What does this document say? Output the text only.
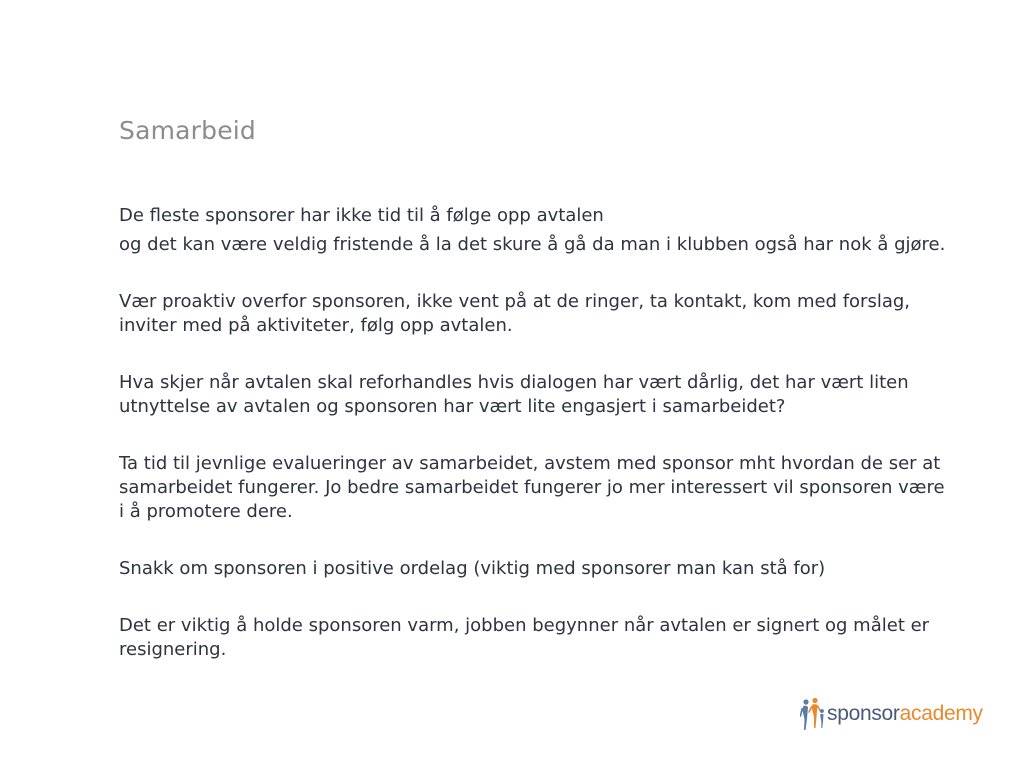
Samarbeid

De fleste sponsorer har ikke tid til å følge opp avtalen

og det kan være veldig fristende å la det skure å gå da man i klubben også har nok å gjøre.

Vær proaktiv overfor sponsoren, ikke vent på at de ringer, ta kontakt, kom med forslag, inviter med på aktiviteter, følg opp avtalen.

Hva skjer når avtalen skal reforhandles hvis dialogen har vært dårlig, det har vært liten utnyttelse av avtalen og sponsoren har vært lite engasjert i samarbeidet?

Ta tid til jevnlige evalueringer av samarbeidet, avstem med sponsor mht hvordan de ser at samarbeidet fungerer. Jo bedre samarbeidet fungerer jo mer interessert vil sponsoren være i å promotere dere.

Snakk om sponsoren i positive ordelag (viktig med sponsorer man kan stå for)

Det er viktig å holde sponsoren varm, jobben begynner når avtalen er signert og målet er resignering.

sponsoracademy
